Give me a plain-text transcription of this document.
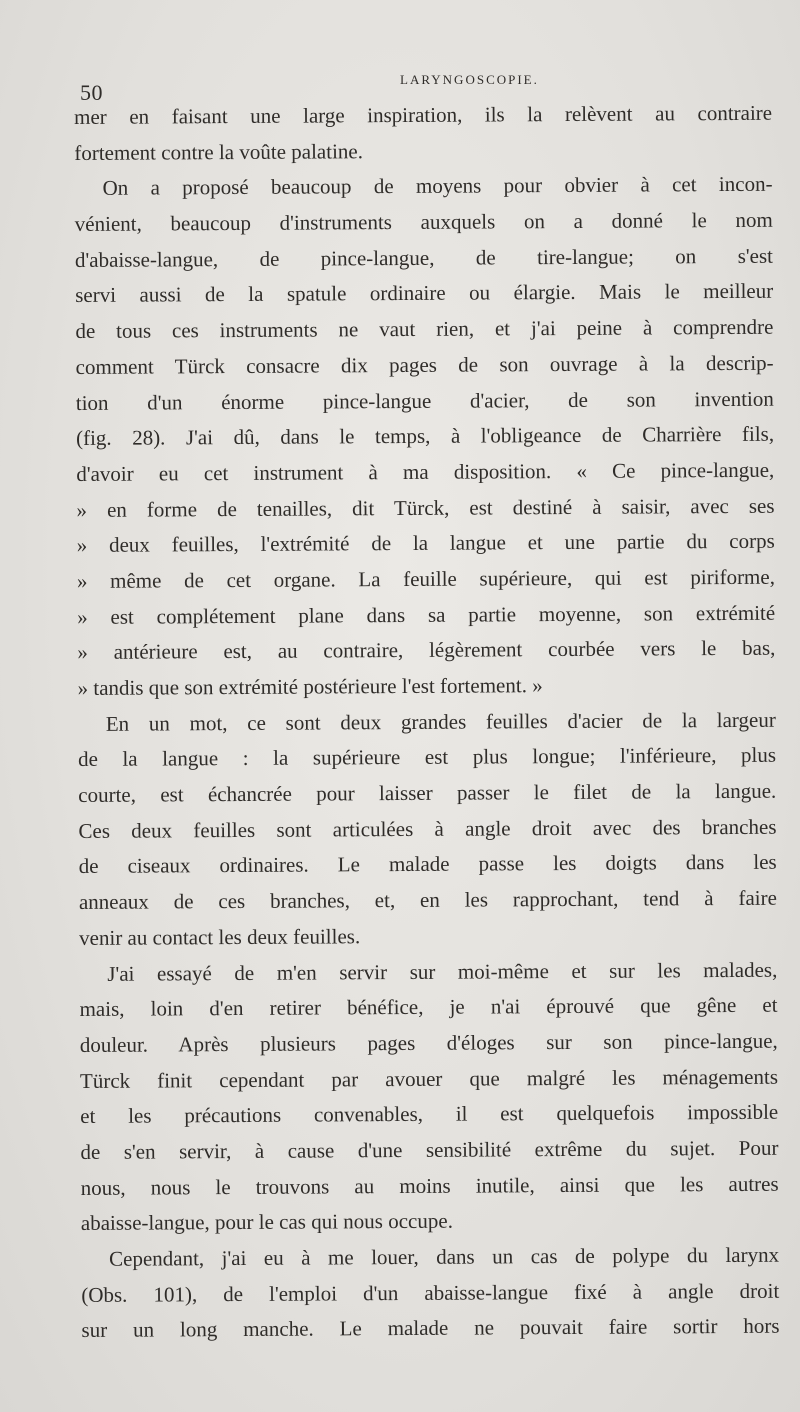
50
LARYNGOSCOPIE.
mer en faisant une large inspiration, ils la relèvent au contraire
fortement contre la voûte palatine.
On a proposé beaucoup de moyens pour obvier à cet incon-
vénient, beaucoup d'instruments auxquels on a donné le nom
d'abaisse-langue, de pince-langue, de tire-langue; on s'est
servi aussi de la spatule ordinaire ou élargie. Mais le meilleur
de tous ces instruments ne vaut rien, et j'ai peine à comprendre
comment Türck consacre dix pages de son ouvrage à la descrip-
tion d'un énorme pince-langue d'acier, de son invention
(fig. 28). J'ai dû, dans le temps, à l'obligeance de Charrière fils,
d'avoir eu cet instrument à ma disposition. « Ce pince-langue,
» en forme de tenailles, dit Türck, est destiné à saisir, avec ses
» deux feuilles, l'extrémité de la langue et une partie du corps
» même de cet organe. La feuille supérieure, qui est piriforme,
» est complétement plane dans sa partie moyenne, son extrémité
» antérieure est, au contraire, légèrement courbée vers le bas,
» tandis que son extrémité postérieure l'est fortement. »
En un mot, ce sont deux grandes feuilles d'acier de la largeur
de la langue : la supérieure est plus longue; l'inférieure, plus
courte, est échancrée pour laisser passer le filet de la langue.
Ces deux feuilles sont articulées à angle droit avec des branches
de ciseaux ordinaires. Le malade passe les doigts dans les
anneaux de ces branches, et, en les rapprochant, tend à faire
venir au contact les deux feuilles.
J'ai essayé de m'en servir sur moi-même et sur les malades,
mais, loin d'en retirer bénéfice, je n'ai éprouvé que gêne et
douleur. Après plusieurs pages d'éloges sur son pince-langue,
Türck finit cependant par avouer que malgré les ménagements
et les précautions convenables, il est quelquefois impossible
de s'en servir, à cause d'une sensibilité extrême du sujet. Pour
nous, nous le trouvons au moins inutile, ainsi que les autres
abaisse-langue, pour le cas qui nous occupe.
Cependant, j'ai eu à me louer, dans un cas de polype du larynx
(Obs. 101), de l'emploi d'un abaisse-langue fixé à angle droit
sur un long manche. Le malade ne pouvait faire sortir hors
